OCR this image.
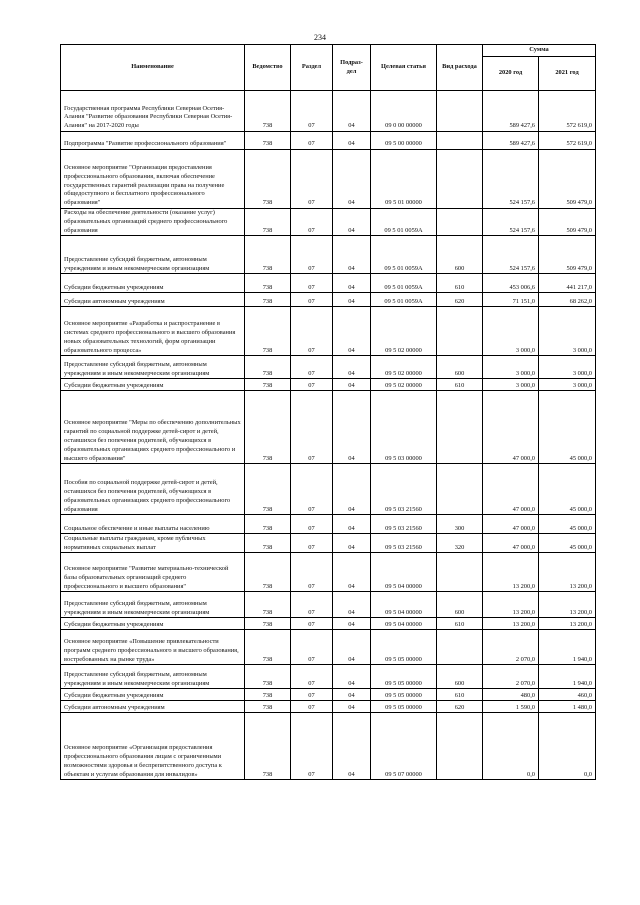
234
Наименование	Ведомство	Раздел	Подраз-дел	Целевая статья	Вид расхода	Сумма	
						2020 год	2021 год
Государственная программа Республики Северная Осетия-Алания "Развитие образования Республики Северная Осетия-Алания" на 2017-2020 годы	738	07	04	09 0 00 00000		589 427,6	572 619,0
Подпрограмма "Развитие профессионального образования"	738	07	04	09 5 00 00000		589 427,6	572 619,0
Основное мероприятие "Организация предоставления профессионального образования, включая обеспечение государственных гарантий реализации права на получение общедоступного и бесплатного профессионального образования"	738	07	04	09 5 01 00000		524 157,6	509 479,0
Расходы на обеспечение деятельности (оказание услуг) образовательных организаций среднего профессионального образования	738	07	04	09 5 01 0059А		524 157,6	509 479,0
Предоставление субсидий бюджетным, автономным учреждениям и иным некоммерческим организациям	738	07	04	09 5 01 0059А	600	524 157,6	509 479,0
Субсидии бюджетным учреждениям	738	07	04	09 5 01 0059А	610	453 006,6	441 217,0
Субсидии автономным учреждениям	738	07	04	09 5 01 0059А	620	71 151,0	68 262,0
Основное мероприятие «Разработка и распространение в системах среднего профессионального и высшего образования новых образовательных технологий, форм организации образовательного процесса»	738	07	04	09 5 02 00000		3 000,0	3 000,0
Предоставление субсидий бюджетным, автономным учреждениям и иным некоммерческим организациям	738	07	04	09 5 02 00000	600	3 000,0	3 000,0
Субсидии бюджетным учреждениям	738	07	04	09 5 02 00000	610	3 000,0	3 000,0
Основное мероприятие "Меры по обеспечению дополнительных гарантий по социальной поддержке детей-сирот и детей, оставшихся без попечения родителей, обучающихся в образовательных организациях среднего профессионального и высшего образования"	738	07	04	09 5 03 00000		47 000,0	45 000,0
Пособия по социальной поддержке детей-сирот и детей, оставшихся без попечения родителей, обучающихся в образовательных организациях среднего профессионального образования	738	07	04	09 5 03 21560		47 000,0	45 000,0
Социальное обеспечение и иные выплаты населению	738	07	04	09 5 03 21560	300	47 000,0	45 000,0
Социальные выплаты гражданам, кроме публичных нормативных социальных выплат	738	07	04	09 5 03 21560	320	47 000,0	45 000,0
Основное мероприятие "Развитие материально-технической базы образовательных организаций среднего профессионального и высшего образования"	738	07	04	09 5 04 00000		13 200,0	13 200,0
Предоставление субсидий бюджетным, автономным учреждениям и иным некоммерческим организациям	738	07	04	09 5 04 00000	600	13 200,0	13 200,0
Субсидии бюджетным учреждениям	738	07	04	09 5 04 00000	610	13 200,0	13 200,0
Основное мероприятие «Повышение привлекательности программ среднего профессионального и высшего образования, востребованных на рынке труда»	738	07	04	09 5 05 00000		2 070,0	1 940,0
Предоставление субсидий бюджетным, автономным учреждениям и иным некоммерческим организациям	738	07	04	09 5 05 00000	600	2 070,0	1 940,0
Субсидии бюджетным учреждениям	738	07	04	09 5 05 00000	610	480,0	460,0
Субсидии автономным учреждениям	738	07	04	09 5 05 00000	620	1 590,0	1 480,0
Основное мероприятие «Организация предоставления профессионального образования лицам с ограниченными возможностями здоровья и беспрепятственного доступа к объектам и услугам образования для инвалидов»	738	07	04	09 5 07 00000		0,0	0,0
